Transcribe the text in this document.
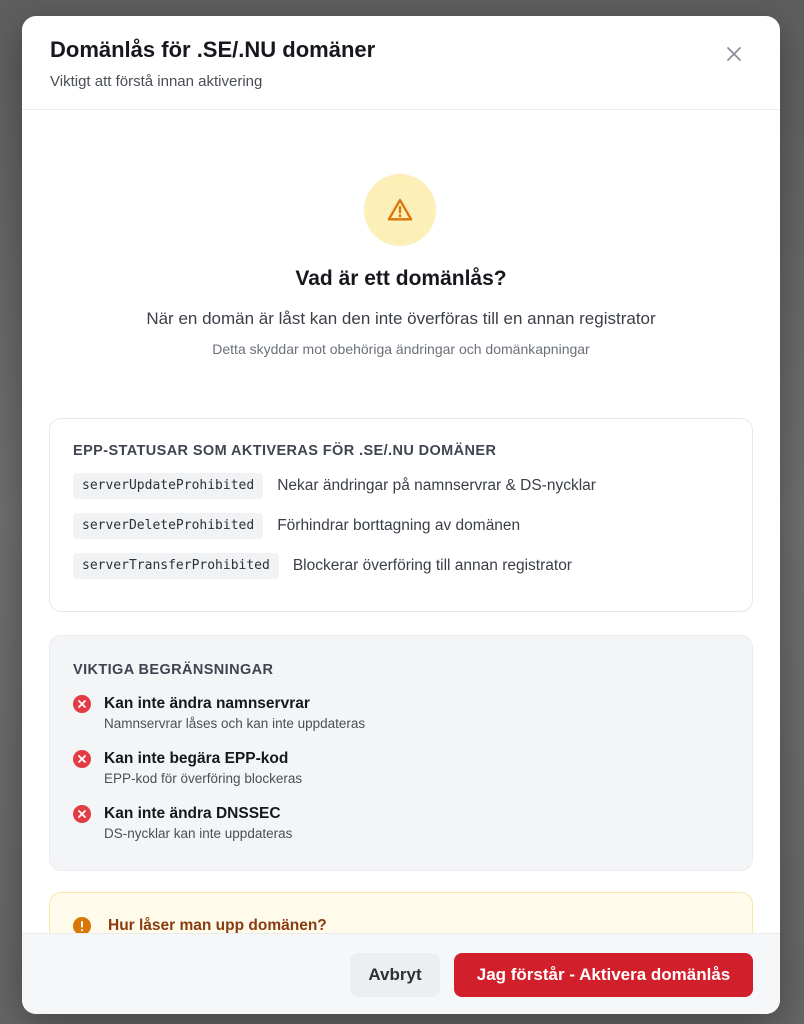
Domänlås för .SE/.NU domäner
Viktigt att förstå innan aktivering
Vad är ett domänlås?
När en domän är låst kan den inte överföras till en annan registrator
Detta skyddar mot obehöriga ändringar och domänkapningar
EPP-STATUSAR SOM AKTIVERAS FÖR .SE/.NU DOMÄNER
serverUpdateProhibited	Nekar ändringar på namnservrar & DS-nycklar
serverDeleteProhibited	Förhindrar borttagning av domänen
serverTransferProhibited	Blockerar överföring till annan registrator
VIKTIGA BEGRÄNSNINGAR
Kan inte ändra namnservrar
Namnservrar låses och kan inte uppdateras
Kan inte begära EPP-kod
EPP-kod för överföring blockeras
Kan inte ändra DNSSEC
DS-nycklar kan inte uppdateras
Hur låser man upp domänen?
Avbryt	Jag förstår - Aktivera domänlås
